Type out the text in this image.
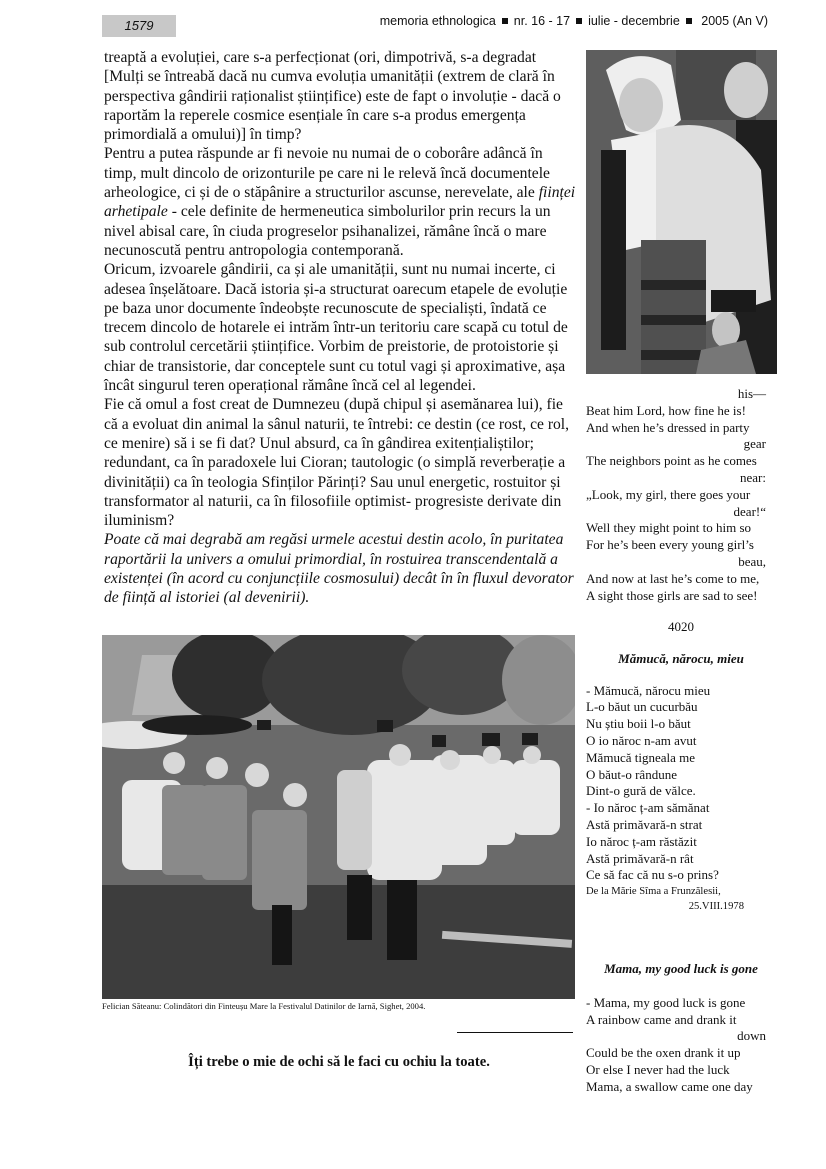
1579	memoria ethnologica nr. 16 - 17 iulie - decembrie 2005 (An V)

treaptă a evoluției, care s-a perfecționat (ori, dimpotrivă, s-a degradat [Mulți se întreabă dacă nu cumva evoluția umanității (extrem de clară în perspectiva gândirii raționalist științifice) este de fapt o involuție - dacă o raportăm la reperele cosmice esențiale în care s-a produs emergența primordială a omului)] în timp?

Pentru a putea răspunde ar fi nevoie nu numai de o coborâre adâncă în timp, mult dincolo de orizonturile pe care ni le relevă încă documentele arheologice, ci și de o stăpânire a structurilor ascunse, nerevelate, ale ființei arhetipale - cele definite de hermeneutica simbolurilor prin recurs la un nivel abisal care, în ciuda progreselor psihanalizei, rămâne încă o mare necunoscută pentru antropologia contemporană.

Oricum, izvoarele gândirii, ca și ale umanității, sunt nu numai incerte, ci adesea înșelătoare. Dacă istoria și-a structurat oarecum etapele de evoluție pe baza unor documente îndeobște recunoscute de specialiști, îndată ce trecem dincolo de hotarele ei intrăm într-un teritoriu care scapă cu totul de sub controlul cercetării științifice. Vorbim de preistorie, de protoistorie și chiar de transistorie, dar conceptele sunt cu totul vagi și aproximative, așa încât singurul teren operațional rămâne încă cel al legendei.

Fie că omul a fost creat de Dumnezeu (după chipul și asemănarea lui), fie că a evoluat din animal la sânul naturii, te întrebi: ce destin (ce rost, ce rol, ce menire) să i se fi dat? Unul absurd, ca în gândirea exitențialiștilor; redundant, ca în paradoxele lui Cioran; tautologic (o simplă reverberație a divinității) ca în teologia Sfinților Părinți? Sau unul energetic, rostuitor și transformator al naturii, ca în filosofiile optimist- progresiste derivate din iluminism?

Poate că mai degrabă am regăsi urmele acestui destin acolo, în puritatea raportării la univers a omului primordial, în rostuirea transcendentală a existenței (în acord cu conjuncțiile cosmosului) decât în în fluxul devorator de ființă al istoriei (al devenirii).

Felician Săteanu: Colindători din Finteușu Mare la Festivalul Datinilor de Iarnă, Sighet, 2004.
Îți trebe o mie de ochi să le faci cu ochiu la toate.
his—
Beat him Lord, how fine he is!
And when he’s dressed in party
gear
The neighbors point as he comes
near:
„Look, my girl, there goes your
dear!“
Well they might point to him so
For he’s been every young girl’s
beau,
And now at last he’s come to me,
A sight those girls are sad to see!
4020
Mămucă, nărocu, mieu
- Mămucă, nărocu mieu
L-o băut un cucurbău
Nu știu boii l-o băut
O io năroc n-am avut
Mămucă tigneala me
O băut-o rândune
Dint-o gură de vălce.
- Io năroc ț-am sămănat
Astă primăvară-n strat
Io năroc ț-am răstăzit
Astă primăvară-n rât
Ce să fac că nu s-o prins?
De la Mărie Sîma a Frunzălesii,
25.VIII.1978
Mama, my good luck is gone
- Mama, my good luck is gone
A rainbow came and drank it
down
Could be the oxen drank it up
Or else I never had the luck
Mama, a swallow came one day
